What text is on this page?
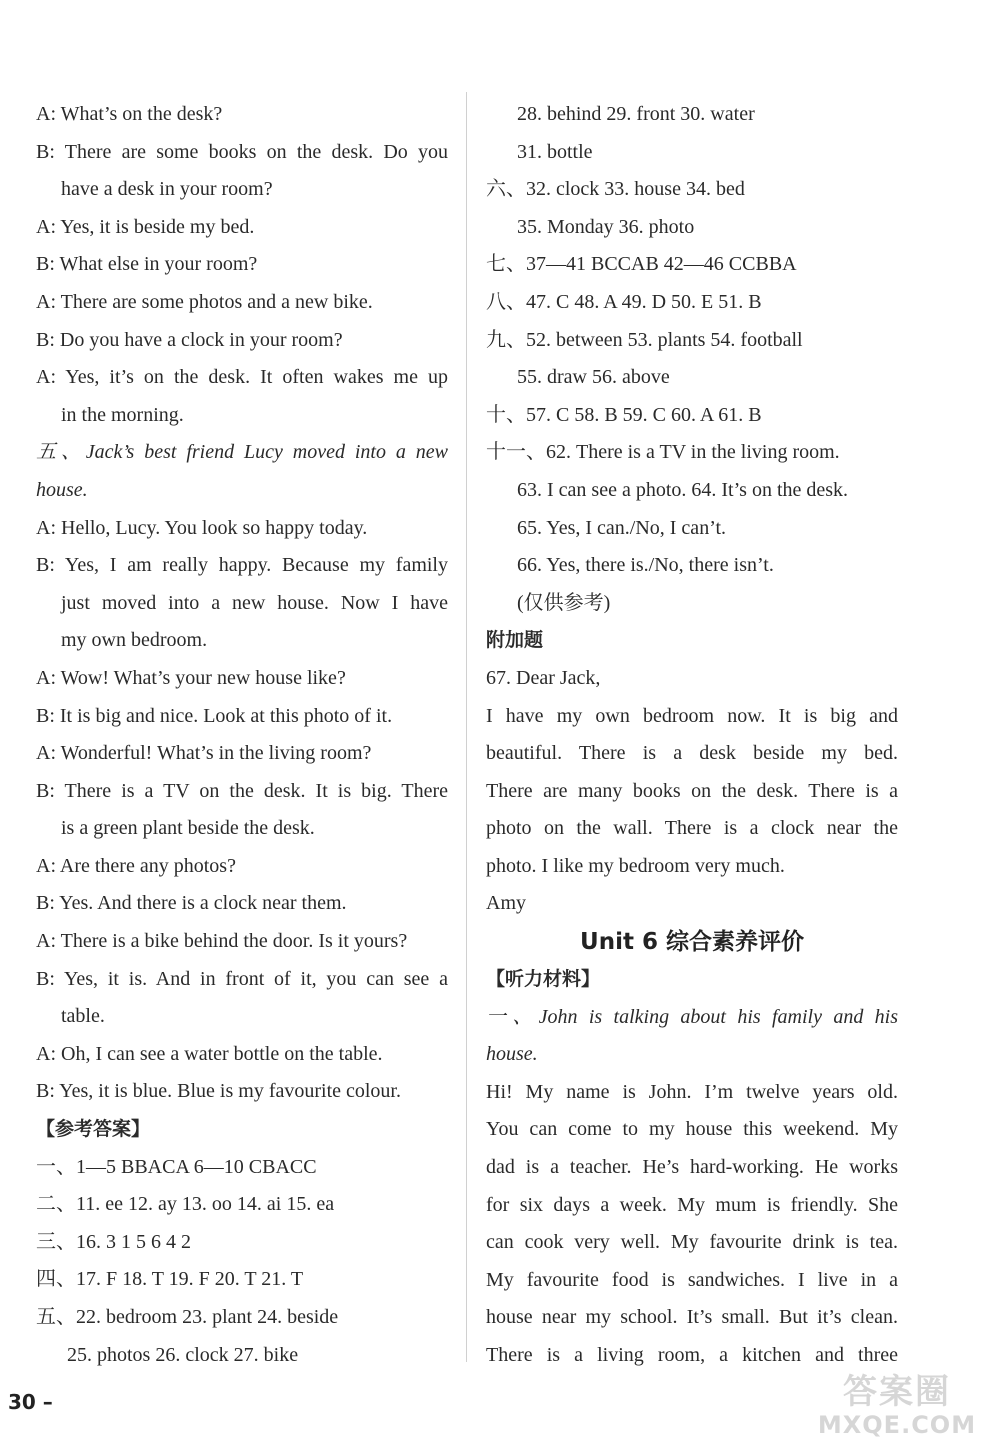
A: What’s on the desk?
B: There are some books on the desk. Do you
have a desk in your room?
A: Yes, it is beside my bed.
B: What else in your room?
A: There are some photos and a new bike.
B: Do you have a clock in your room?
A: Yes, it’s on the desk. It often wakes me up
in the morning.
五、Jack’s best friend Lucy moved into a new
house.
A: Hello, Lucy. You look so happy today.
B: Yes, I am really happy. Because my family
just moved into a new house. Now I have
my own bedroom.
A: Wow! What’s your new house like?
B: It is big and nice. Look at this photo of it.
A: Wonderful! What’s in the living room?
B: There is a TV on the desk. It is big. There
is a green plant beside the desk.
A: Are there any photos?
B: Yes. And there is a clock near them.
A: There is a bike behind the door. Is it yours?
B: Yes, it is. And in front of it, you can see a
table.
A: Oh, I can see a water bottle on the table.
B: Yes, it is blue. Blue is my favourite colour.
【参考答案】
一、1—5 BBACA 6—10 CBACC
二、11. ee 12. ay 13. oo 14. ai 15. ea
三、16. 3 1 5 6 4 2
四、17. F 18. T 19. F 20. T 21. T
五、22. bedroom 23. plant 24. beside
25. photos 26. clock 27. bike
28. behind 29. front 30. water
31. bottle
六、32. clock 33. house 34. bed
35. Monday 36. photo
七、37—41 BCCAB 42—46 CCBBA
八、47. C 48. A 49. D 50. E 51. B
九、52. between 53. plants 54. football
55. draw 56. above
十、57. C 58. B 59. C 60. A 61. B
十一、62. There is a TV in the living room.
63. I can see a photo. 64. It’s on the desk.
65. Yes, I can./No, I can’t.
66. Yes, there is./No, there isn’t.
(仅供参考)
附加题
67. Dear Jack,
I have my own bedroom now. It is big and
beautiful. There is a desk beside my bed.
There are many books on the desk. There is a
photo on the wall. There is a clock near the
photo. I like my bedroom very much.
Amy
Unit 6 综合素养评价
【听力材料】
一、John is talking about his family and his
house.
Hi! My name is John. I’m twelve years old.
You can come to my house this weekend. My
dad is a teacher. He’s hard-working. He works
for six days a week. My mum is friendly. She
can cook very well. My favourite drink is tea.
My favourite food is sandwiches. I live in a
house near my school. It’s small. But it’s clean.
There is a living room, a kitchen and three
30 –	答案圈
MXQE.COM
